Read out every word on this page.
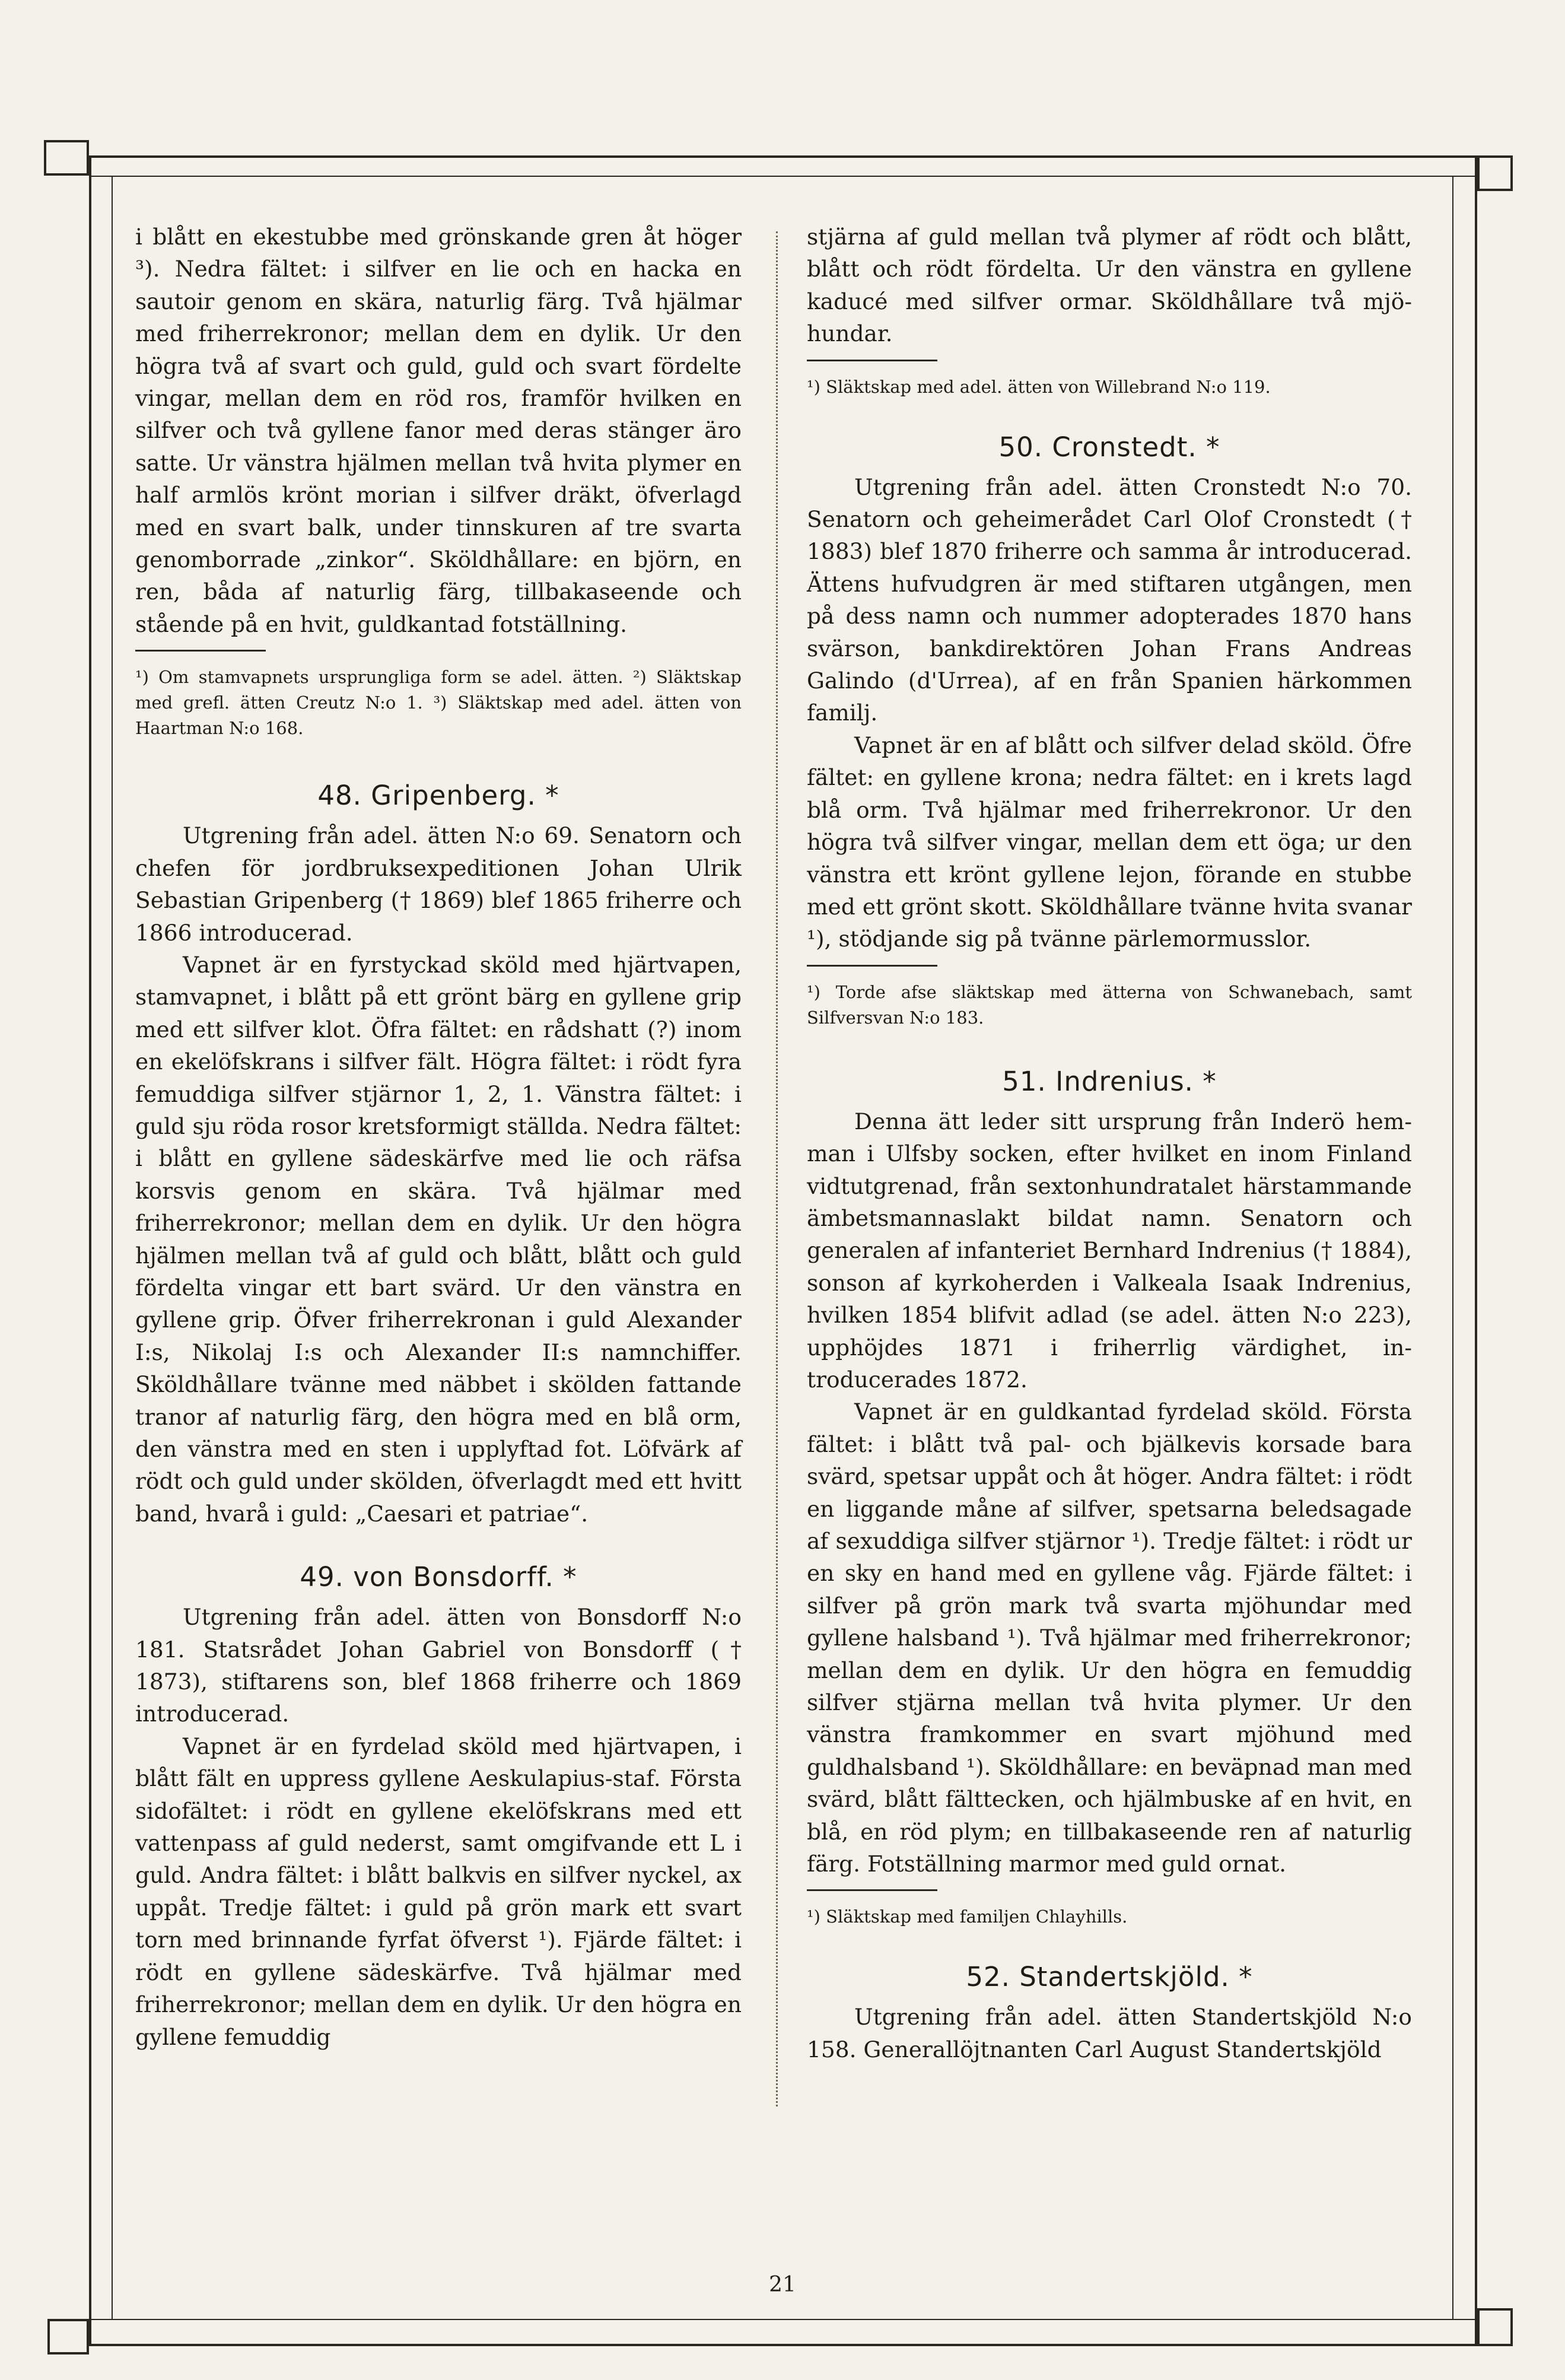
i blått en ekestubbe med grönskande gren åt höger ³). Nedra fältet: i silfver en lie och en hacka en sautoir genom en skära, naturlig färg. Två hjälmar med friherrekronor; mellan dem en dylik. Ur den högra två af svart och guld, guld och svart fördelte vingar, mellan dem en röd ros, framför hvilken en silfver och två gyllene fanor med deras stänger äro satte. Ur vänstra hjälmen mellan två hvita plymer en half armlös krönt morian i silfver dräkt, öfverlagd med en svart balk, under tinnskuren af tre svarta genomborrade „zinkor“. Sköldhållare: en björn, en ren, båda af naturlig färg, tillbakaseende och stående på en hvit, guldkantad fotställning.

¹) Om stamvapnets ursprungliga form se adel. ätten. ²) Släktskap med grefl. ätten Creutz N:o 1. ³) Släktskap med adel. ätten von Haartman N:o 168.

48. Gripenberg. *

Utgrening från adel. ätten N:o 69. Senatorn och chefen för jordbruksexpeditionen Johan Ulrik Sebastian Gripenberg († 1869) blef 1865 friherre och 1866 introducerad.

Vapnet är en fyrstyckad sköld med hjärtvapen, stamvapnet, i blått på ett grönt bärg en gyllene grip med ett silfver klot. Öfra fältet: en rådshatt (?) inom en ekelöfskrans i silfver fält. Högra fältet: i rödt fyra femuddiga silfver stjärnor 1, 2, 1. Vänstra fältet: i guld sju röda rosor kretsformigt ställda. Nedra fältet: i blått en gyllene sädeskärfve med lie och räfsa korsvis genom en skära. Två hjälmar med friherrekronor; mellan dem en dylik. Ur den högra hjälmen mellan två af guld och blått, blått och guld fördelta vingar ett bart svärd. Ur den vänstra en gyllene grip. Öfver friherrekronan i guld Alexander I:s, Nikolaj I:s och Alexander II:s namnchiffer. Sköldhållare tvänne med näbbet i skölden fattande tranor af naturlig färg, den högra med en blå orm, den vänstra med en sten i upplyftad fot. Löfvärk af rödt och guld under skölden, öfverlagdt med ett hvitt band, hvarå i guld: „Caesari et patriae“.

49. von Bonsdorff. *

Utgrening från adel. ätten von Bonsdorff N:o 181. Statsrådet Johan Gabriel von Bonsdorff († 1873), stiftarens son, blef 1868 friherre och 1869 introducerad.

Vapnet är en fyrdelad sköld med hjärtvapen, i blått fält en uppress gyllene Aeskulapius-staf. Första sidofältet: i rödt en gyllene ekelöfskrans med ett vattenpass af guld nederst, samt omgifvande ett L i guld. Andra fältet: i blått balkvis en silfver nyckel, ax uppåt. Tredje fältet: i guld på grön mark ett svart torn med brinnande fyrfat öfverst ¹). Fjärde fältet: i rödt en gyllene sädeskärfve. Två hjälmar med friherrekronor; mellan dem en dylik. Ur den högra en gyllene femuddig

stjärna af guld mellan två plymer af rödt och blått, blått och rödt fördelta. Ur den vänstra en gyllene kaducé med silfver ormar. Sköldhållare två mjöhundar.

¹) Släktskap med adel. ätten von Willebrand N:o 119.

50. Cronstedt. *

Utgrening från adel. ätten Cronstedt N:o 70. Senatorn och geheimerådet Carl Olof Cronstedt († 1883) blef 1870 friherre och samma år introducerad. Ättens hufvudgren är med stiftaren utgången, men på dess namn och nummer adopterades 1870 hans svärson, bankdirektören Johan Frans Andreas Galindo (d'Urrea), af en från Spanien härkommen familj.

Vapnet är en af blått och silfver delad sköld. Öfre fältet: en gyllene krona; nedra fältet: en i krets lagd blå orm. Två hjälmar med friherrekronor. Ur den högra två silfver vingar, mellan dem ett öga; ur den vänstra ett krönt gyllene lejon, förande en stubbe med ett grönt skott. Sköldhållare tvänne hvita svanar ¹), stödjande sig på tvänne pärlemormusslor.

¹) Torde afse släktskap med ätterna von Schwanebach, samt Silfversvan N:o 183.

51. Indrenius. *

Denna ätt leder sitt ursprung från Inderö hemman i Ulfsby socken, efter hvilket en inom Finland vidtutgrenad, från sextonhundratalet härstammande ämbetsmannaslakt bildat namn. Senatorn och generalen af infanteriet Bernhard Indrenius († 1884), sonson af kyrkoherden i Valkeala Isaak Indrenius, hvilken 1854 blifvit adlad (se adel. ätten N:o 223), upphöjdes 1871 i friherrlig värdighet, introducerades 1872.

Vapnet är en guldkantad fyrdelad sköld. Första fältet: i blått två pal- och bjälkevis korsade bara svärd, spetsar uppåt och åt höger. Andra fältet: i rödt en liggande måne af silfver, spetsarna beledsagade af sexuddiga silfver stjärnor ¹). Tredje fältet: i rödt ur en sky en hand med en gyllene våg. Fjärde fältet: i silfver på grön mark två svarta mjöhundar med gyllene halsband ¹). Två hjälmar med friherrekronor; mellan dem en dylik. Ur den högra en femuddig silfver stjärna mellan två hvita plymer. Ur den vänstra framkommer en svart mjöhund med guldhalsband ¹). Sköldhållare: en beväpnad man med svärd, blått fälttecken, och hjälmbuske af en hvit, en blå, en röd plym; en tillbakaseende ren af naturlig färg. Fotställning marmor med guld ornat.

¹) Släktskap med familjen Chlayhills.

52. Standertskjöld. *

Utgrening från adel. ätten Standertskjöld N:o 158. Generallöjtnanten Carl August Standertskjöld

21
